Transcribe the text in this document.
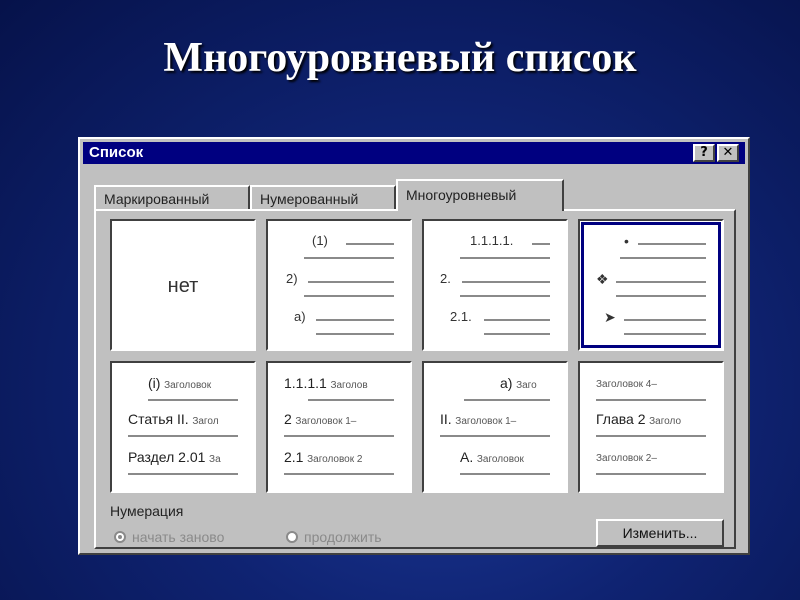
Многоуровневый список
Список	?	✕
Маркированный	Нумерованный	Многоуровневый
нет
(1)
2)
а)
1.1.1.1.
2.
2.1.
•
❖
➤
(i) Заголовок
Статья II. Загол
Раздел 2.01 За
1.1.1.1 Заголов
2 Заголовок 1–
2.1 Заголовок 2
а) Заго
II. Заголовок 1–
А. Заголовок
Заголовок 4–
Глава 2 Заголо
Заголовок 2–
Нумерация
начать заново	продолжить	Изменить...
